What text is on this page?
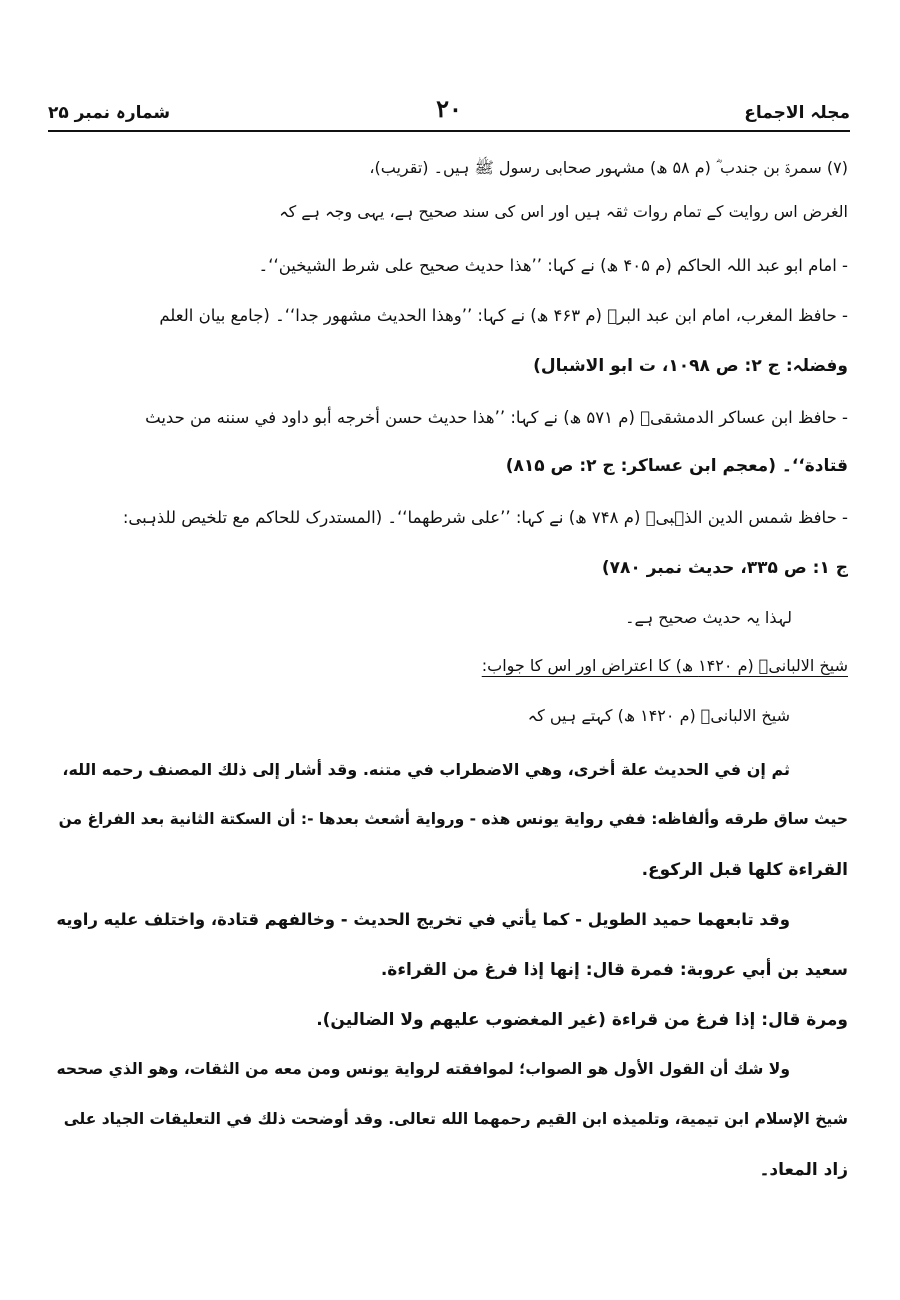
مجلہ الاجماع
۲۰
شمارہ نمبر ۲۵
(۷) سمرۃ بن جندب ؓ (م ۵۸ ھ) مشہور صحابی رسول ﷺ ہیں۔ (تقریب)،
الغرض اس روایت کے تمام روات ثقہ ہیں اور اس کی سند صحیح ہے، یہی وجہ ہے کہ
- امام ابو عبد اللہ الحاکم (م ۴۰۵ ھ) نے کہا: ’’هذا حديث صحيح على شرط الشيخين‘‘۔
- حافظ المغرب، امام ابن عبد البرؒ (م ۴۶۳ ھ) نے کہا: ’’وهذا الحديث مشهور جدا‘‘۔ (جامع بيان العلم
وفضلہ: ج ۲: ص ۱۰۹۸، ت ابو الاشبال)
- حافظ ابن عساکر الدمشقیؒ (م ۵۷۱ ھ) نے کہا: ’’هذا حديث حسن أخرجه أبو داود في سننه من حديث
قتادة‘‘۔ (معجم ابن عساکر: ج ۲: ص ۸۱۵)
- حافظ شمس الدین الذہبیؒ (م ۷۴۸ ھ) نے کہا: ’’على شرطهما‘‘۔ (المستدرک للحاکم مع تلخیص للذہبی:
ج ۱: ص ۳۳۵، حدیث نمبر ۷۸۰)
لہذا یہ حدیث صحیح ہے۔
شیخ الالبانیؒ (م ۱۴۲۰ ھ) کا اعتراض اور اس کا جواب:
شیخ الالبانیؒ (م ۱۴۲۰ ھ) کہتے ہیں کہ
ثم إن في الحديث علة أخرى، وهي الاضطراب في متنه. وقد أشار إلى ذلك المصنف رحمه الله،
حيث ساق طرقه وألفاظه: ففي رواية يونس هذه - ورواية أشعث بعدها -: أن السكتة الثانية بعد الفراغ من
القراءة كلها قبل الركوع.
وقد تابعهما حميد الطويل - كما يأتي في تخريج الحديث - وخالفهم قتادة، واختلف عليه راويه
سعيد بن أبي عروبة: فمرة قال: إنها إذا فرغ من القراءة.
ومرة قال: إذا فرغ من قراءة (غير المغضوب عليهم ولا الضالين).
ولا شك أن القول الأول هو الصواب؛ لموافقته لرواية يونس ومن معه من الثقات، وهو الذي صححه
شيخ الإسلام ابن تيمية، وتلميذه ابن القيم رحمهما الله تعالى. وقد أوضحت ذلك في التعليقات الجياد على
زاد المعاد۔
